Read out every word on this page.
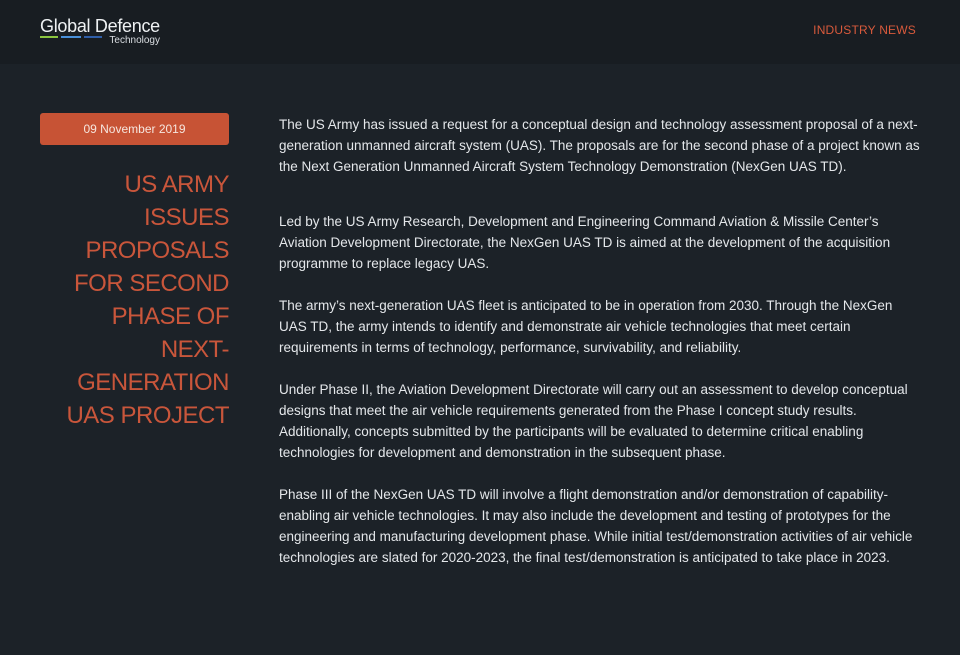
Global Defence
Technology
INDUSTRY NEWS
09 November 2019
US ARMY ISSUES PROPOSALS FOR SECOND PHASE OF NEXT-GENERATION UAS PROJECT

The US Army has issued a request for a conceptual design and technology assessment proposal of a next-generation unmanned aircraft system (UAS). The proposals are for the second phase of a project known as the Next Generation Unmanned Aircraft System Technology Demonstration (NexGen UAS TD).

Led by the US Army Research, Development and Engineering Command Aviation & Missile Center’s Aviation Development Directorate, the NexGen UAS TD is aimed at the development of the acquisition programme to replace legacy UAS.

The army’s next-generation UAS fleet is anticipated to be in operation from 2030. Through the NexGen UAS TD, the army intends to identify and demonstrate air vehicle technologies that meet certain requirements in terms of technology, performance, survivability, and reliability.

Under Phase II, the Aviation Development Directorate will carry out an assessment to develop conceptual designs that meet the air vehicle requirements generated from the Phase I concept study results. Additionally, concepts submitted by the participants will be evaluated to determine critical enabling technologies for development and demonstration in the subsequent phase.

Phase III of the NexGen UAS TD will involve a flight demonstration and/or demonstration of capability-enabling air vehicle technologies. It may also include the development and testing of prototypes for the engineering and manufacturing development phase. While initial test/demonstration activities of air vehicle technologies are slated for 2020-2023, the final test/demonstration is anticipated to take place in 2023.
